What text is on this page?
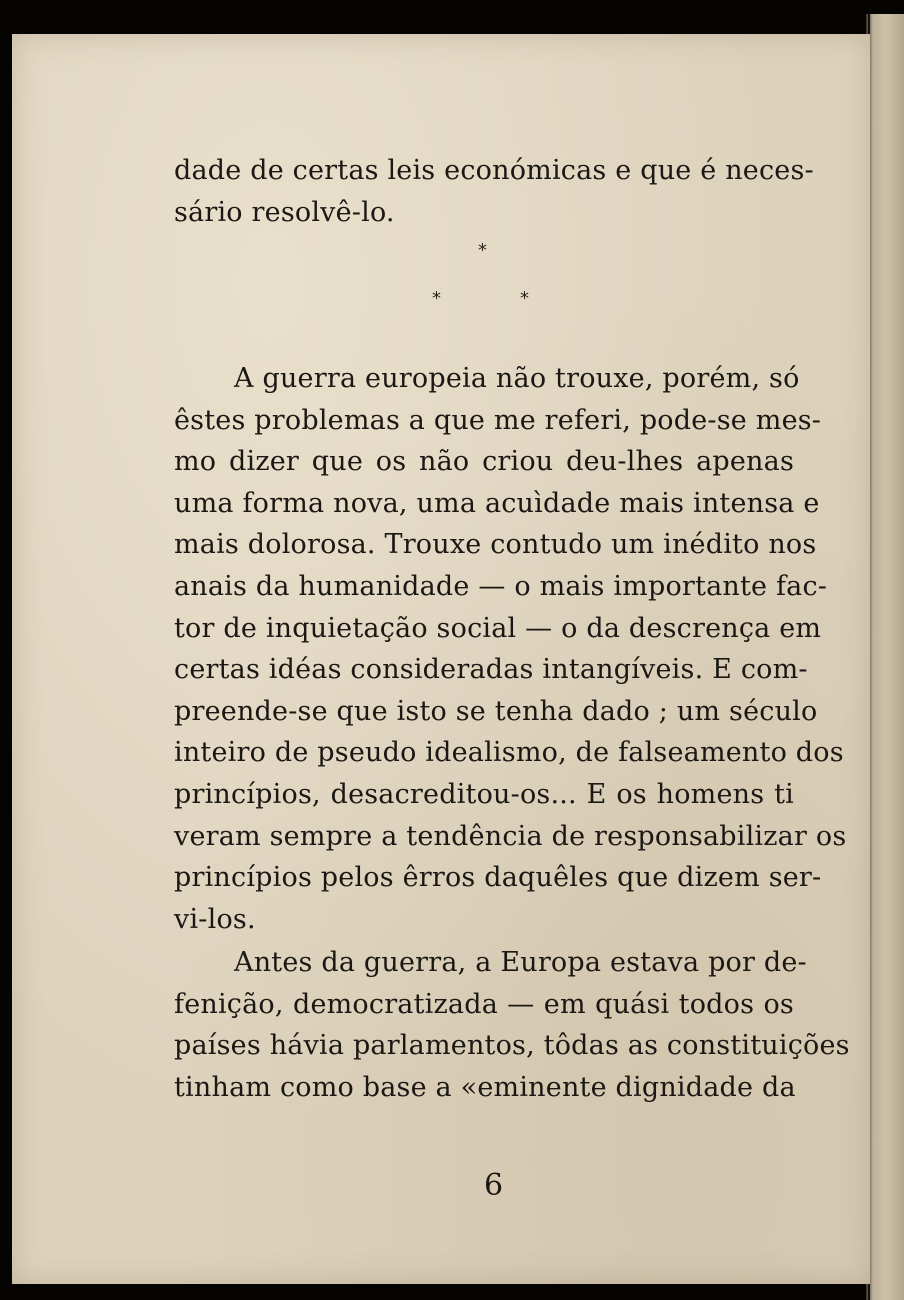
dade de certas leis económicas e que é neces-
sário resolvê-lo.
*
*	*
A guerra europeia não trouxe, porém, só
êstes problemas a que me referi, pode-se mes-
mo dizer que os não criou deu-lhes apenas
uma forma nova, uma acuìdade mais intensa e
mais dolorosa. Trouxe contudo um inédito nos
anais da humanidade — o mais importante fac-
tor de inquietação social — o da descrença em
certas idéas consideradas intangíveis. E com-
preende-se que isto se tenha dado ; um século
inteiro de pseudo idealismo, de falseamento dos
princípios, desacreditou-os... E os homens ti
veram sempre a tendência de responsabilizar os
princípios pelos êrros daquêles que dizem ser-
vi-los.
Antes da guerra, a Europa estava por de-
fenição, democratizada — em quási todos os
países hávia parlamentos, tôdas as constituições
tinham como base a «eminente dignidade da
6
